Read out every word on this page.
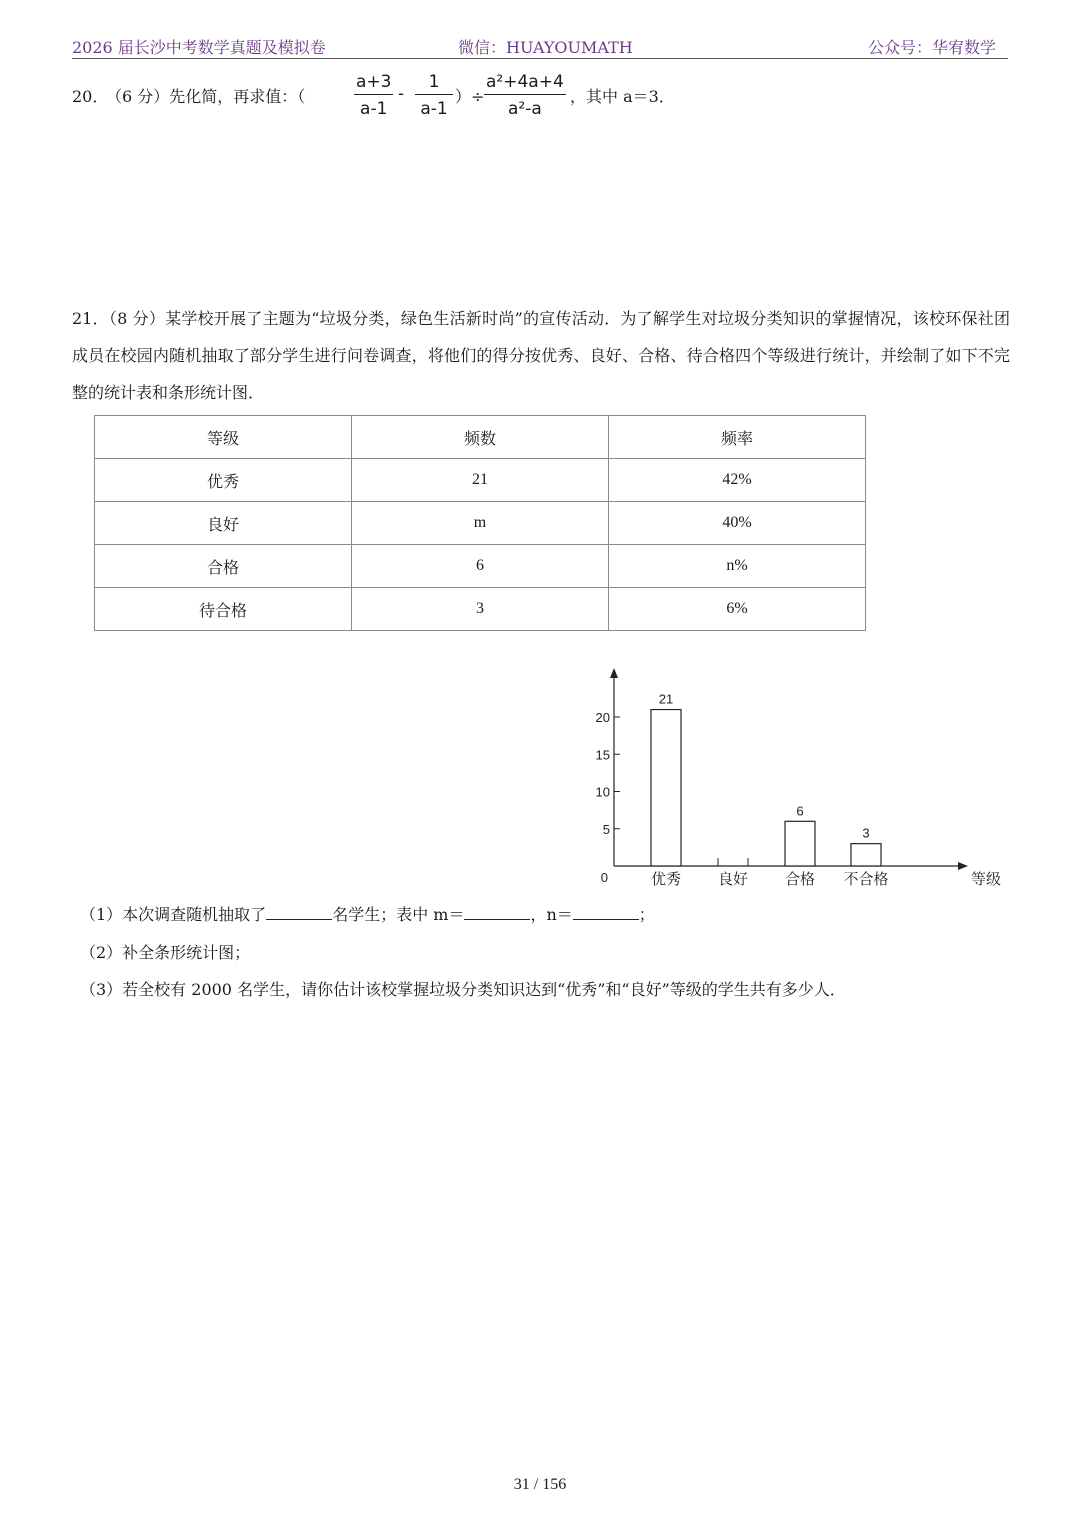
2026 届长沙中考数学真题及模拟卷	微信：HUAYOUMATH	公众号：华宥数学
20．
（6 分）先化简，再求值：（	$\frac{a+3}{a-1} - \frac{1}{a-1}$ ）÷ $\frac{\text{a²+4a+4}}{\text{a²-a}}$ ，其中 a＝3．
21．（8 分）某学校开展了主题为“垃圾分类，绿色生活新时尚”的宣传活动．为了解学生对垃圾分类知识的掌握情况，该校环保社团成员在校园内随机抽取了部分学生进行问卷调查，将他们的得分按优秀、良好、合格、待合格四个等级进行统计，并绘制了如下不完整的统计表和条形统计图．
等级	频数	频率
优秀	21	42%
良好	m	40%
合格	6	n%
待合格	3	6%
5
10
15
20
0
21
优秀 良好
6
合格
3
不合格	等级
（1）本次调查随机抽取了	名学生；表中 m＝	，n＝	；
（2）补全条形统计图；
（3）若全校有 2000 名学生，请你估计该校掌握垃圾分类知识达到“优秀”和“良好”等级的学生共有多少人．
31 / 156
